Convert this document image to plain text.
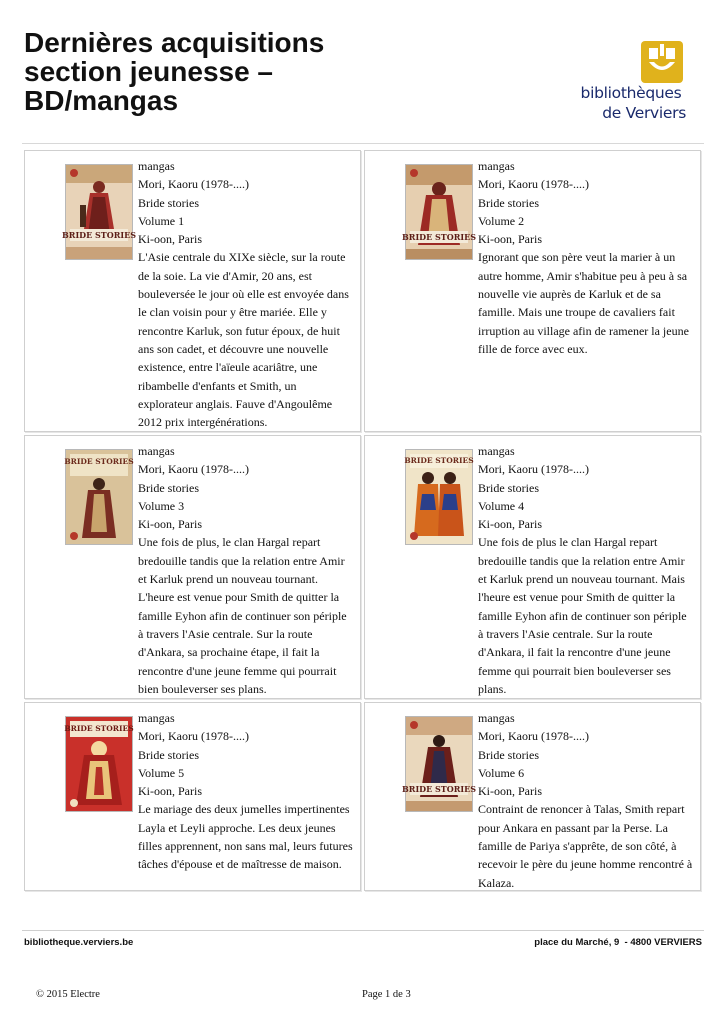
Dernières acquisitions
section jeunesse –
BD/mangas	bibliothèques
de Verviers
BRIDE STORIES
mangas
Mori, Kaoru (1978-....)
Bride stories
Volume 1
Ki-oon, Paris
L'Asie centrale du XIXe siècle, sur la route
de la soie. La vie d'Amir, 20 ans, est
bouleversée le jour où elle est envoyée dans
le clan voisin pour y être mariée. Elle y
rencontre Karluk, son futur époux, de huit
ans son cadet, et découvre une nouvelle
existence, entre l'aïeule acariâtre, une
ribambelle d'enfants et Smith, un
explorateur anglais. Fauve d'Angoulême
2012 prix intergénérations.
BRIDE STORIES
mangas
Mori, Kaoru (1978-....)
Bride stories
Volume 2
Ki-oon, Paris
Ignorant que son père veut la marier à un
autre homme, Amir s'habitue peu à peu à sa
nouvelle vie auprès de Karluk et de sa
famille. Mais une troupe de cavaliers fait
irruption au village afin de ramener la jeune
fille de force avec eux.
BRIDE STORIES
mangas
Mori, Kaoru (1978-....)
Bride stories
Volume 3
Ki-oon, Paris
Une fois de plus, le clan Hargal repart
bredouille tandis que la relation entre Amir
et Karluk prend un nouveau tournant.
L'heure est venue pour Smith de quitter la
famille Eyhon afin de continuer son périple
à travers l'Asie centrale. Sur la route
d'Ankara, sa prochaine étape, il fait la
rencontre d'une jeune femme qui pourrait
bien bouleverser ses plans.
BRIDE STORIES
mangas
Mori, Kaoru (1978-....)
Bride stories
Volume 4
Ki-oon, Paris
Une fois de plus le clan Hargal repart
bredouille tandis que la relation entre Amir
et Karluk prend un nouveau tournant. Mais
l'heure est venue pour Smith de quitter la
famille Eyhon afin de continuer son périple
à travers l'Asie centrale. Sur la route
d'Ankara, il fait la rencontre d'une jeune
femme qui pourrait bien bouleverser ses
plans.
BRIDE STORIES
mangas
Mori, Kaoru (1978-....)
Bride stories
Volume 5
Ki-oon, Paris
Le mariage des deux jumelles impertinentes
Layla et Leyli approche. Les deux jeunes
filles apprennent, non sans mal, leurs futures
tâches d'épouse et de maîtresse de maison.
BRIDE STORIES
mangas
Mori, Kaoru (1978-....)
Bride stories
Volume 6
Ki-oon, Paris
Contraint de renoncer à Talas, Smith repart
pour Ankara en passant par la Perse. La
famille de Pariya s'apprête, de son côté, à
recevoir le père du jeune homme rencontré à
Kalaza.
bibliotheque.verviers.be	place du Marché, 9  - 4800 VERVIERS
© 2015 Electre	Page 1 de 3
